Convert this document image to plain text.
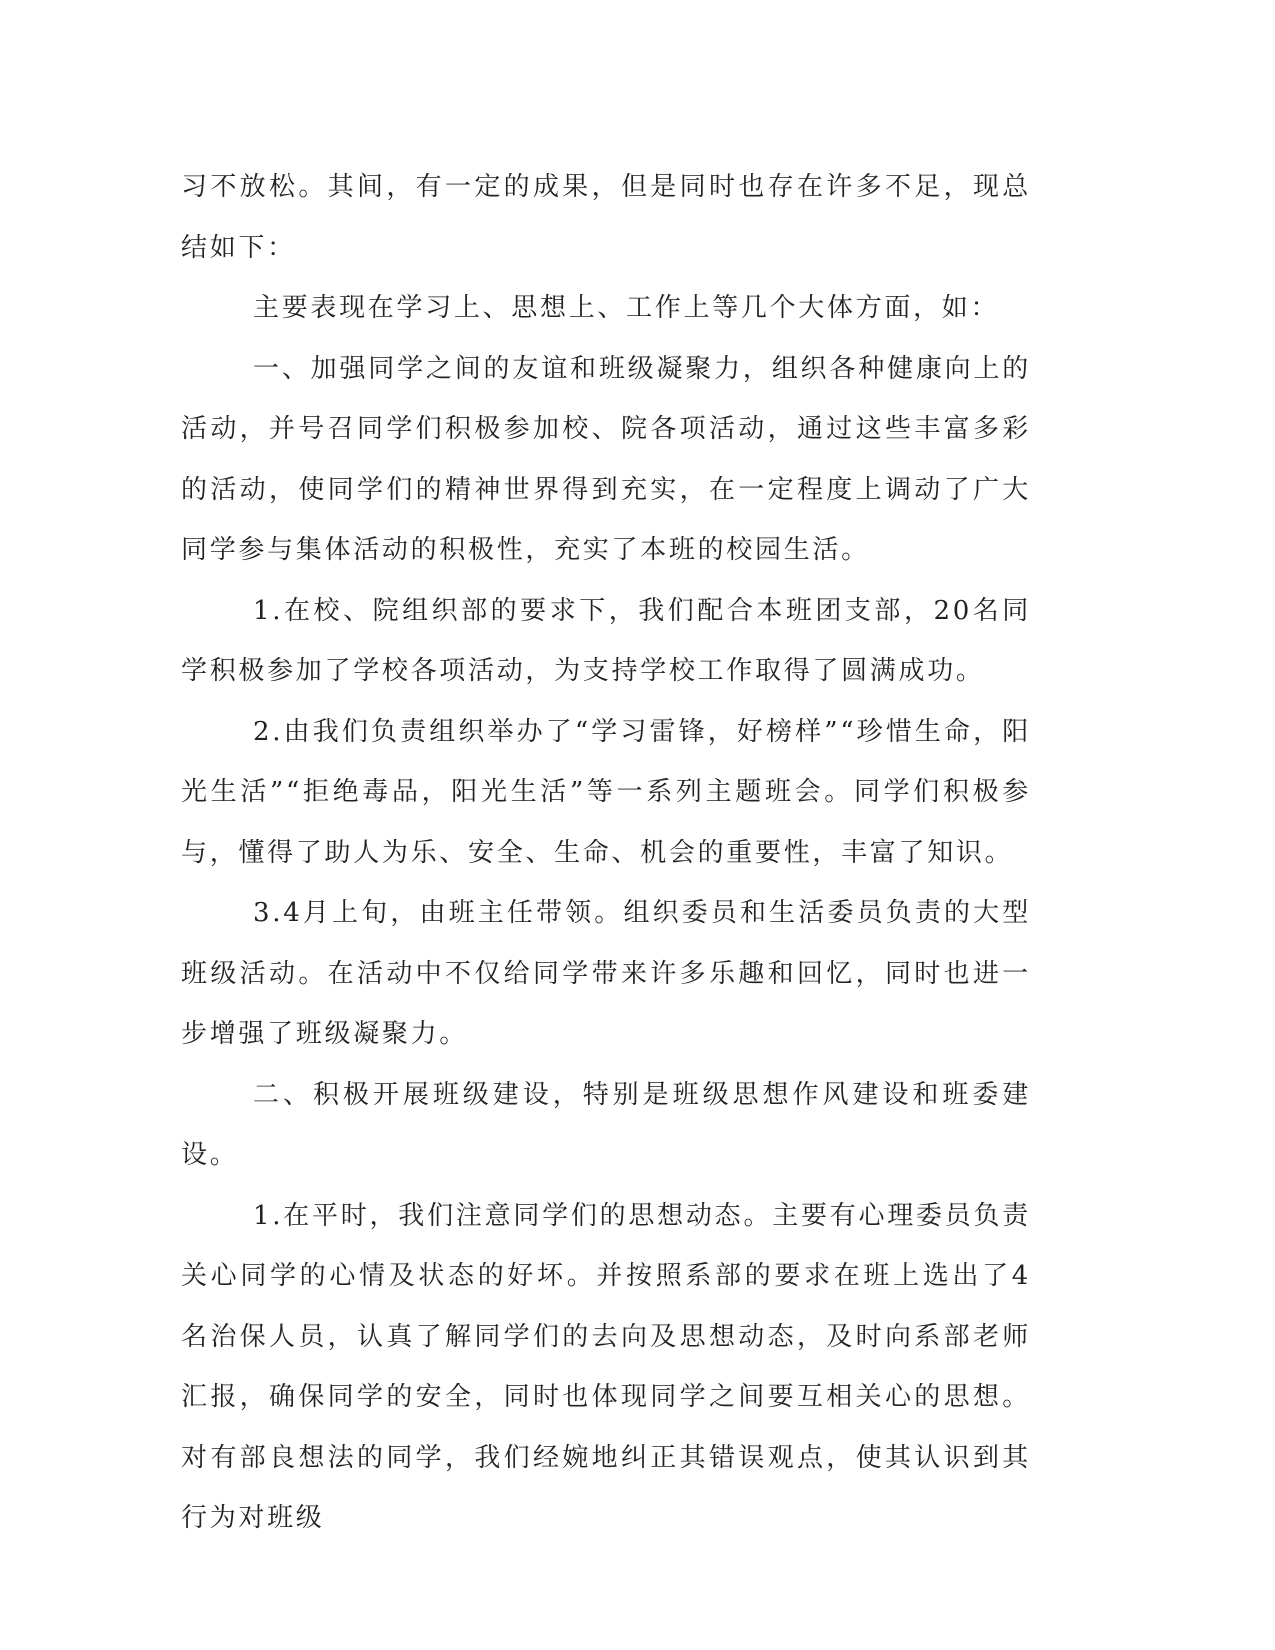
习不放松。其间，有一定的成果，但是同时也存在许多不足，现总结如下：

主要表现在学习上、思想上、工作上等几个大体方面，如：

一、加强同学之间的友谊和班级凝聚力，组织各种健康向上的活动，并号召同学们积极参加校、院各项活动，通过这些丰富多彩的活动，使同学们的精神世界得到充实，在一定程度上调动了广大同学参与集体活动的积极性，充实了本班的校园生活。

1.在校、院组织部的要求下，我们配合本班团支部，20名同学积极参加了学校各项活动，为支持学校工作取得了圆满成功。

2.由我们负责组织举办了“学习雷锋，好榜样”“珍惜生命，阳光生活”“拒绝毒品，阳光生活”等一系列主题班会。同学们积极参与，懂得了助人为乐、安全、生命、机会的重要性，丰富了知识。

3.4月上旬，由班主任带领。组织委员和生活委员负责的大型班级活动。在活动中不仅给同学带来许多乐趣和回忆，同时也进一步增强了班级凝聚力。

二、积极开展班级建设，特别是班级思想作风建设和班委建设。

1.在平时，我们注意同学们的思想动态。主要有心理委员负责关心同学的心情及状态的好坏。并按照系部的要求在班上选出了4名治保人员，认真了解同学们的去向及思想动态，及时向系部老师汇报，确保同学的安全，同时也体现同学之间要互相关心的思想。对有部良想法的同学，我们经婉地纠正其错误观点，使其认识到其行为对班级
